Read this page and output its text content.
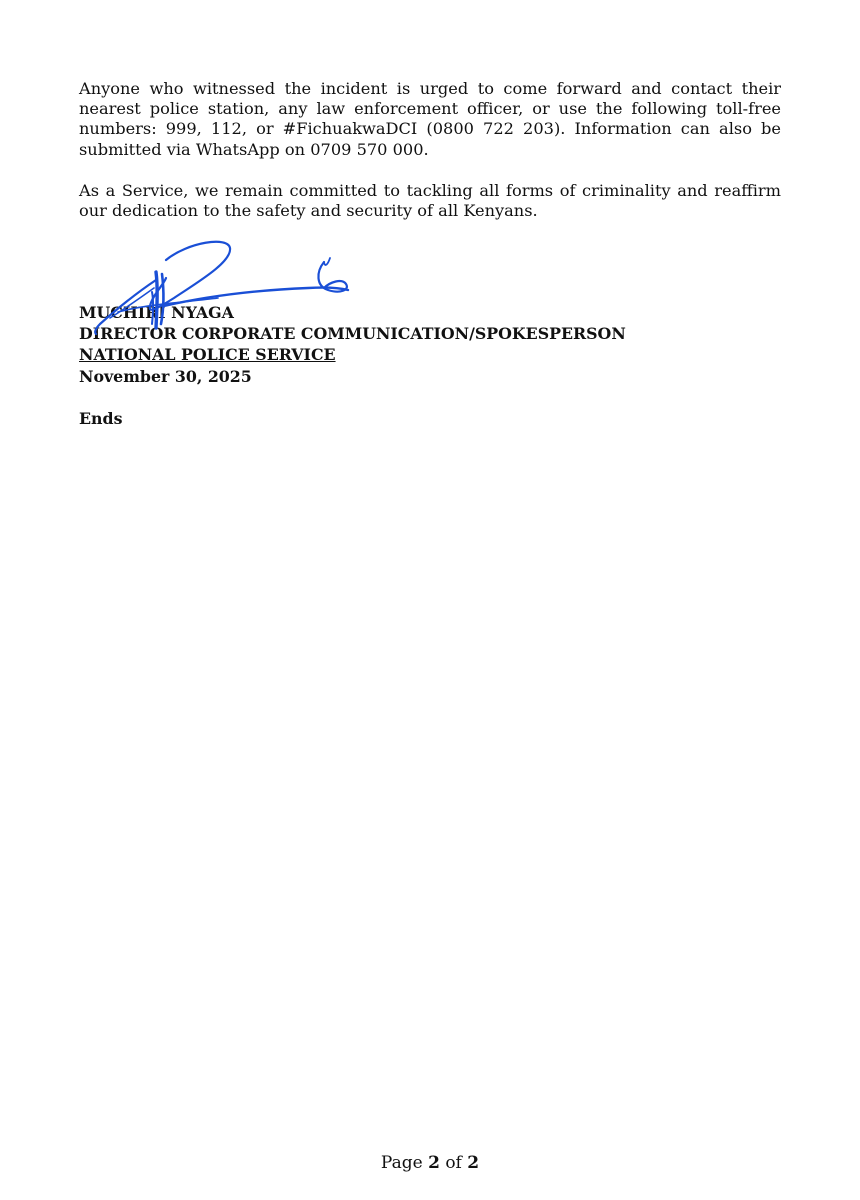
Anyone who witnessed the incident is urged to come forward and contact their nearest police station, any law enforcement officer, or use the following toll-free numbers: 999, 112, or #FichuakwaDCI (0800 722 203). Information can also be submitted via WhatsApp on 0709 570 000.

As a Service, we remain committed to tackling all forms of criminality and reaffirm our dedication to the safety and security of all Kenyans.

MUCHIRI NYAGA
DIRECTOR CORPORATE COMMUNICATION/SPOKESPERSON
NATIONAL POLICE SERVICE
November 30, 2025
Ends
Page 2 of 2
